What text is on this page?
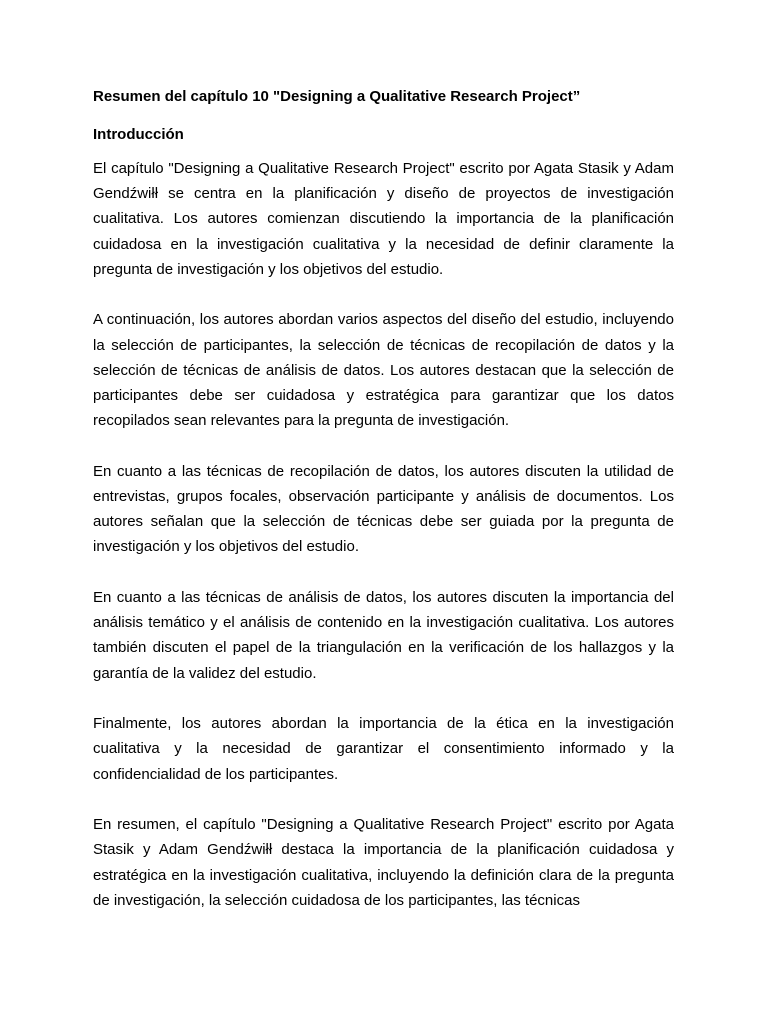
Resumen del capítulo 10 "Designing a Qualitative Research Project”
Introducción

El capítulo "Designing a Qualitative Research Project" escrito por Agata Stasik y Adam Gendźwiłł se centra en la planificación y diseño de proyectos de investigación cualitativa. Los autores comienzan discutiendo la importancia de la planificación cuidadosa en la investigación cualitativa y la necesidad de definir claramente la pregunta de investigación y los objetivos del estudio.

A continuación, los autores abordan varios aspectos del diseño del estudio, incluyendo la selección de participantes, la selección de técnicas de recopilación de datos y la selección de técnicas de análisis de datos. Los autores destacan que la selección de participantes debe ser cuidadosa y estratégica para garantizar que los datos recopilados sean relevantes para la pregunta de investigación.

En cuanto a las técnicas de recopilación de datos, los autores discuten la utilidad de entrevistas, grupos focales, observación participante y análisis de documentos. Los autores señalan que la selección de técnicas debe ser guiada por la pregunta de investigación y los objetivos del estudio.

En cuanto a las técnicas de análisis de datos, los autores discuten la importancia del análisis temático y el análisis de contenido en la investigación cualitativa. Los autores también discuten el papel de la triangulación en la verificación de los hallazgos y la garantía de la validez del estudio.

Finalmente, los autores abordan la importancia de la ética en la investigación cualitativa y la necesidad de garantizar el consentimiento informado y la confidencialidad de los participantes.

En resumen, el capítulo "Designing a Qualitative Research Project" escrito por Agata Stasik y Adam Gendźwiłł destaca la importancia de la planificación cuidadosa y estratégica en la investigación cualitativa, incluyendo la definición clara de la pregunta de investigación, la selección cuidadosa de los participantes, las técnicas
